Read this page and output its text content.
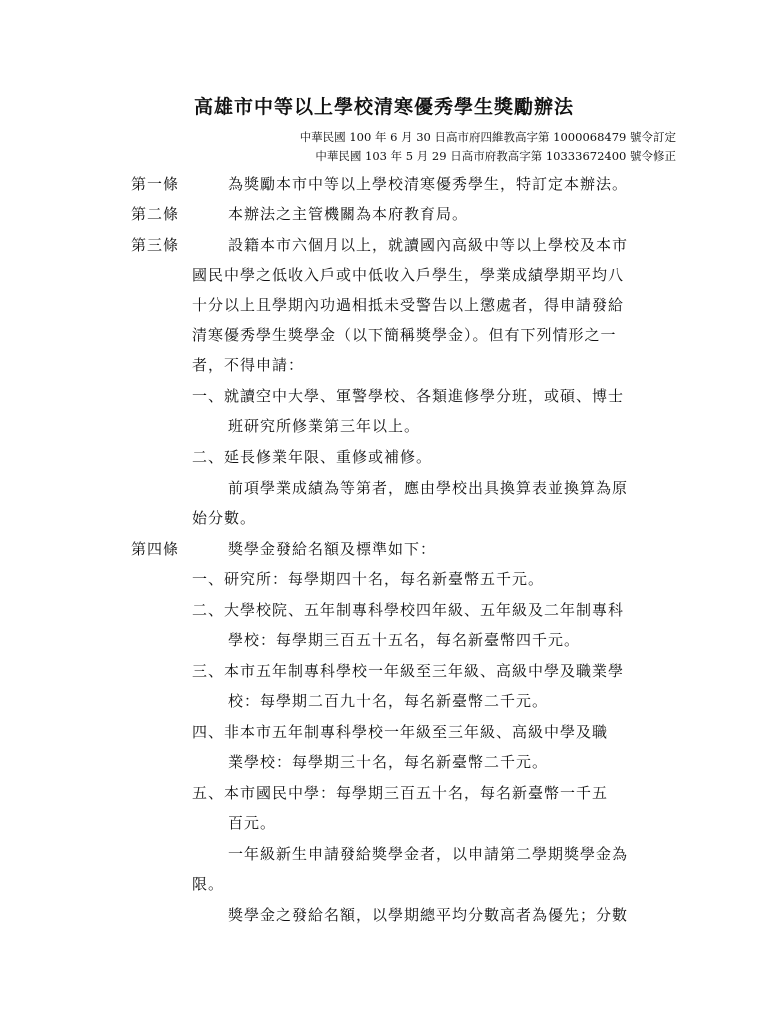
高雄市中等以上學校清寒優秀學生獎勵辦法
中華民國 100 年 6 月 30 日高市府四維教高字第 1000068479 號令訂定
中華民國 103 年 5 月 29 日高市府教高字第 10333672400 號令修正
第一條	為獎勵本市中等以上學校清寒優秀學生，特訂定本辦法。
第二條	本辦法之主管機關為本府教育局。
第三條	設籍本市六個月以上，就讀國內高級中等以上學校及本市
國民中學之低收入戶或中低收入戶學生，學業成績學期平均八
十分以上且學期內功過相抵未受警告以上懲處者，得申請發給
清寒優秀學生獎學金（以下簡稱獎學金）。但有下列情形之一
者，不得申請：
一、就讀空中大學、軍警學校、各類進修學分班，或碩、博士
班研究所修業第三年以上。
二、延長修業年限、重修或補修。
前項學業成績為等第者，應由學校出具換算表並換算為原
始分數。
第四條	獎學金發給名額及標準如下：
一、研究所：每學期四十名，每名新臺幣五千元。
二、大學校院、五年制專科學校四年級、五年級及二年制專科
學校：每學期三百五十五名，每名新臺幣四千元。
三、本市五年制專科學校一年級至三年級、高級中學及職業學
校：每學期二百九十名，每名新臺幣二千元。
四、非本市五年制專科學校一年級至三年級、高級中學及職
業學校：每學期三十名，每名新臺幣二千元。
五、本市國民中學：每學期三百五十名，每名新臺幣一千五
百元。
一年級新生申請發給獎學金者，以申請第二學期獎學金為
限。
獎學金之發給名額，以學期總平均分數高者為優先；分數
